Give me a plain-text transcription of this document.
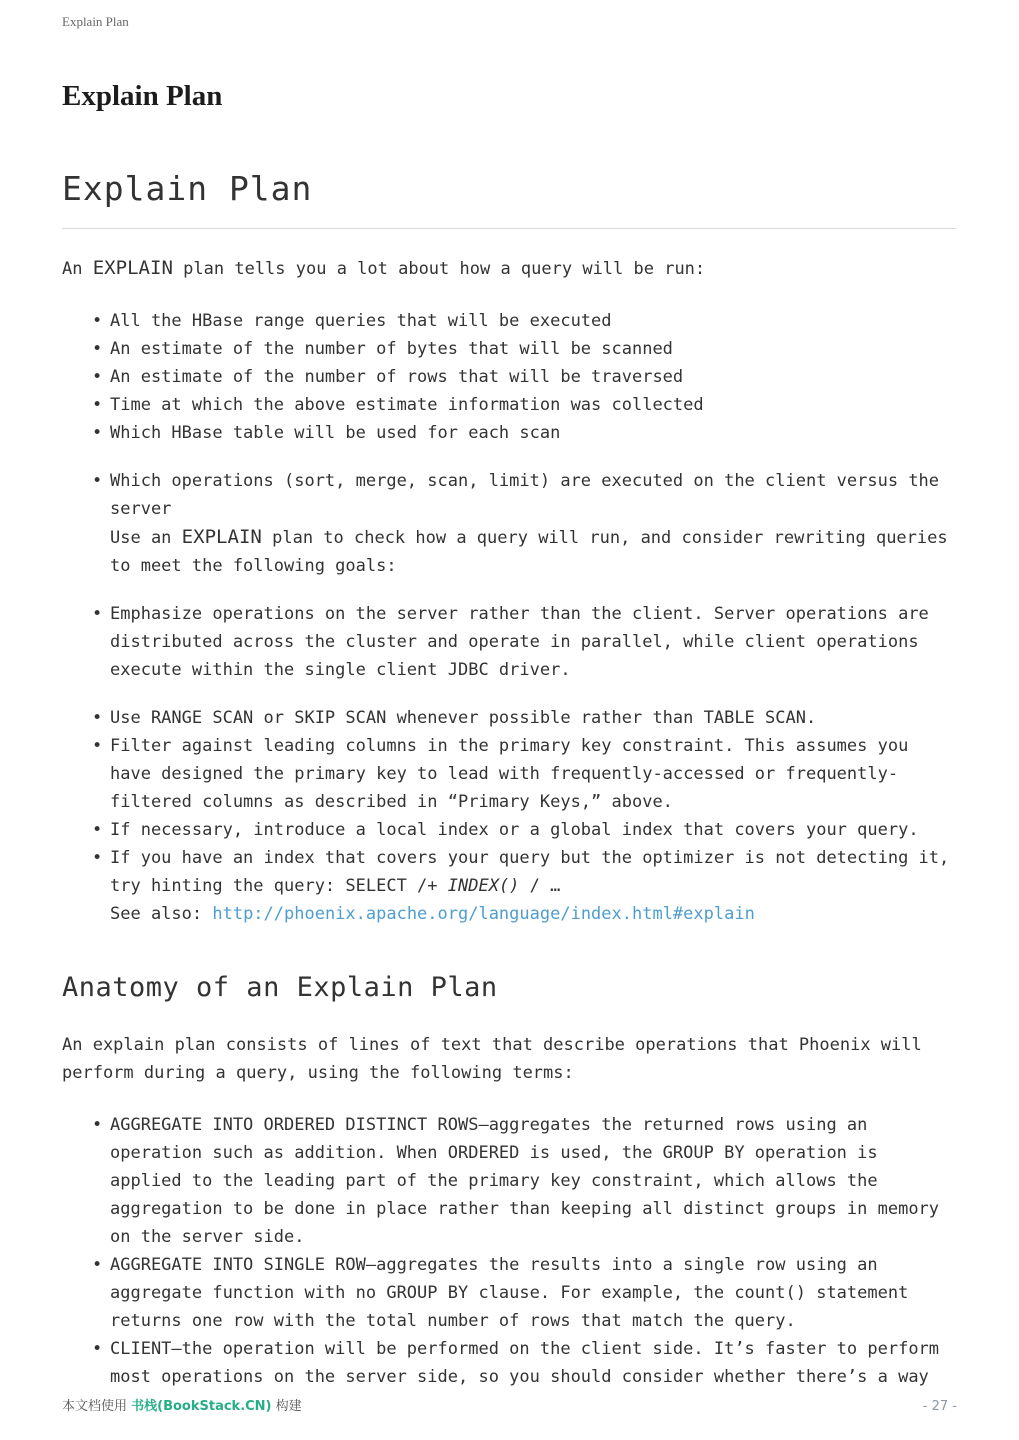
Explain Plan
Explain Plan
Explain Plan

An EXPLAIN plan tells you a lot about how a query will be run:

• All the HBase range queries that will be executed
• An estimate of the number of bytes that will be scanned
• An estimate of the number of rows that will be traversed
• Time at which the above estimate information was collected
• Which HBase table will be used for each scan
• Which operations (sort, merge, scan, limit) are executed on the client versus the server
Use an EXPLAIN plan to check how a query will run, and consider rewriting queries to meet the following goals:
• Emphasize operations on the server rather than the client. Server operations are distributed across the cluster and operate in parallel, while client operations execute within the single client JDBC driver.
• Use RANGE SCAN or SKIP SCAN whenever possible rather than TABLE SCAN.
• Filter against leading columns in the primary key constraint. This assumes you have designed the primary key to lead with frequently-accessed or frequently-filtered columns as described in “Primary Keys,” above.
• If necessary, introduce a local index or a global index that covers your query.
• If you have an index that covers your query but the optimizer is not detecting it, try hinting the query: SELECT /+ INDEX() / …
See also: http://phoenix.apache.org/language/index.html#explain
Anatomy of an Explain Plan

An explain plan consists of lines of text that describe operations that Phoenix will perform during a query, using the following terms:

• AGGREGATE INTO ORDERED DISTINCT ROWS—aggregates the returned rows using an operation such as addition. When ORDERED is used, the GROUP BY operation is applied to the leading part of the primary key constraint, which allows the aggregation to be done in place rather than keeping all distinct groups in memory on the server side.
• AGGREGATE INTO SINGLE ROW—aggregates the results into a single row using an aggregate function with no GROUP BY clause. For example, the count() statement returns one row with the total number of rows that match the query.
• CLIENT—the operation will be performed on the client side. It’s faster to perform most operations on the server side, so you should consider whether there’s a way
本文档使用 书栈(BookStack.CN) 构建	- 27 -
